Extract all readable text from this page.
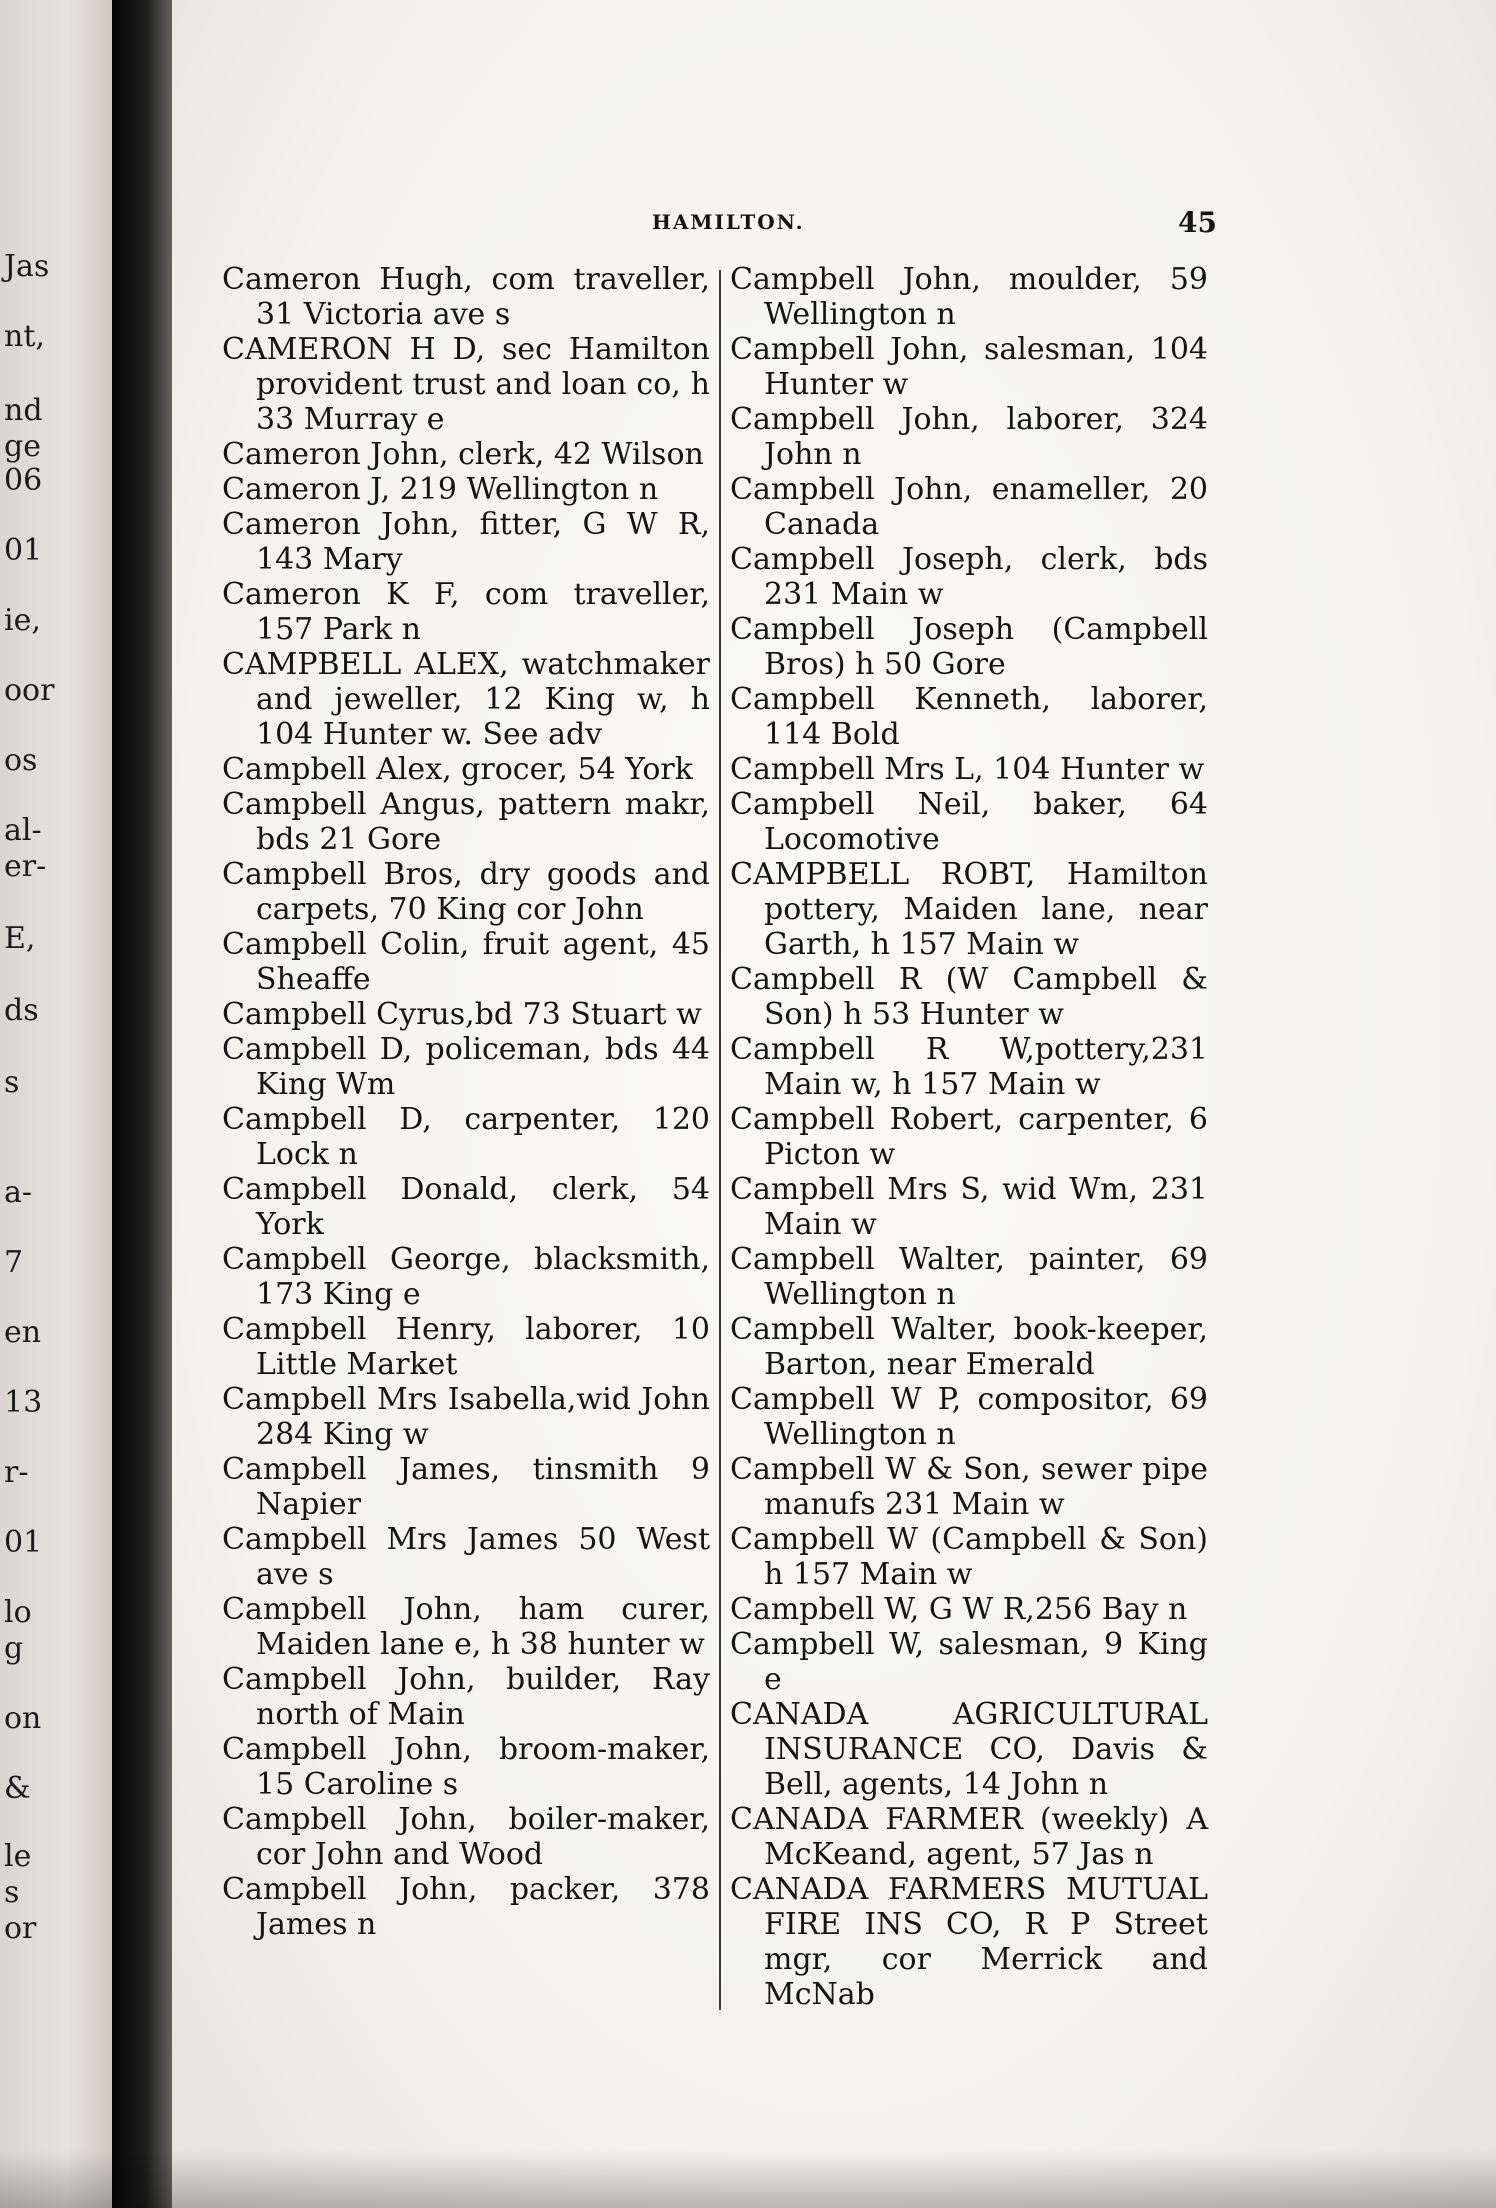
Jas
nt,
nd
ge
06
01
ie,
oor
os
al-
er-
E,
ds
s
a-
7
en
13
r-
01
lo
g
on
&
le
s
or
HAMILTON.	45
Cameron Hugh, com traveller, 31 Victoria ave s
CAMERON H D, sec Hamilton provident trust and loan co, h 33 Murray e
Cameron John, clerk, 42 Wilson
Cameron J, 219 Wellington n
Cameron John, fitter, G W R, 143 Mary
Cameron K F, com traveller, 157 Park n
CAMPBELL ALEX, watchmaker and jeweller, 12 King w, h 104 Hunter w. See adv
Campbell Alex, grocer, 54 York
Campbell Angus, pattern makr, bds 21 Gore
Campbell Bros, dry goods and carpets, 70 King cor John
Campbell Colin, fruit agent, 45 Sheaffe
Campbell Cyrus,bd 73 Stuart w
Campbell D, policeman, bds 44 King Wm
Campbell D, carpenter, 120 Lock n
Campbell Donald, clerk, 54 York
Campbell George, blacksmith, 173 King e
Campbell Henry, laborer, 10 Little Market
Campbell Mrs Isabella,wid John 284 King w
Campbell James, tinsmith 9 Napier
Campbell Mrs James 50 West ave s
Campbell John, ham curer, Maiden lane e, h 38 hunter w
Campbell John, builder, Ray north of Main
Campbell John, broom-maker, 15 Caroline s
Campbell John, boiler-maker, cor John and Wood
Campbell John, packer, 378 James n
Campbell John, moulder, 59 Wellington n
Campbell John, salesman, 104 Hunter w
Campbell John, laborer, 324 John n
Campbell John, enameller, 20 Canada
Campbell Joseph, clerk, bds 231 Main w
Campbell Joseph (Campbell Bros) h 50 Gore
Campbell Kenneth, laborer, 114 Bold
Campbell Mrs L, 104 Hunter w
Campbell Neil, baker, 64 Locomotive
CAMPBELL ROBT, Hamilton pottery, Maiden lane, near Garth, h 157 Main w
Campbell R (W Campbell & Son) h 53 Hunter w
Campbell R W,pottery,231 Main w, h 157 Main w
Campbell Robert, carpenter, 6 Picton w
Campbell Mrs S, wid Wm, 231 Main w
Campbell Walter, painter, 69 Wellington n
Campbell Walter, book-keeper, Barton, near Emerald
Campbell W P, compositor, 69 Wellington n
Campbell W & Son, sewer pipe manufs 231 Main w
Campbell W (Campbell & Son) h 157 Main w
Campbell W, G W R,256 Bay n
Campbell W, salesman, 9 King e
CANADA AGRICULTURAL INSURANCE CO, Davis & Bell, agents, 14 John n
CANADA FARMER (weekly) A McKeand, agent, 57 Jas n
CANADA FARMERS MUTUAL FIRE INS CO, R P Street mgr, cor Merrick and McNab
